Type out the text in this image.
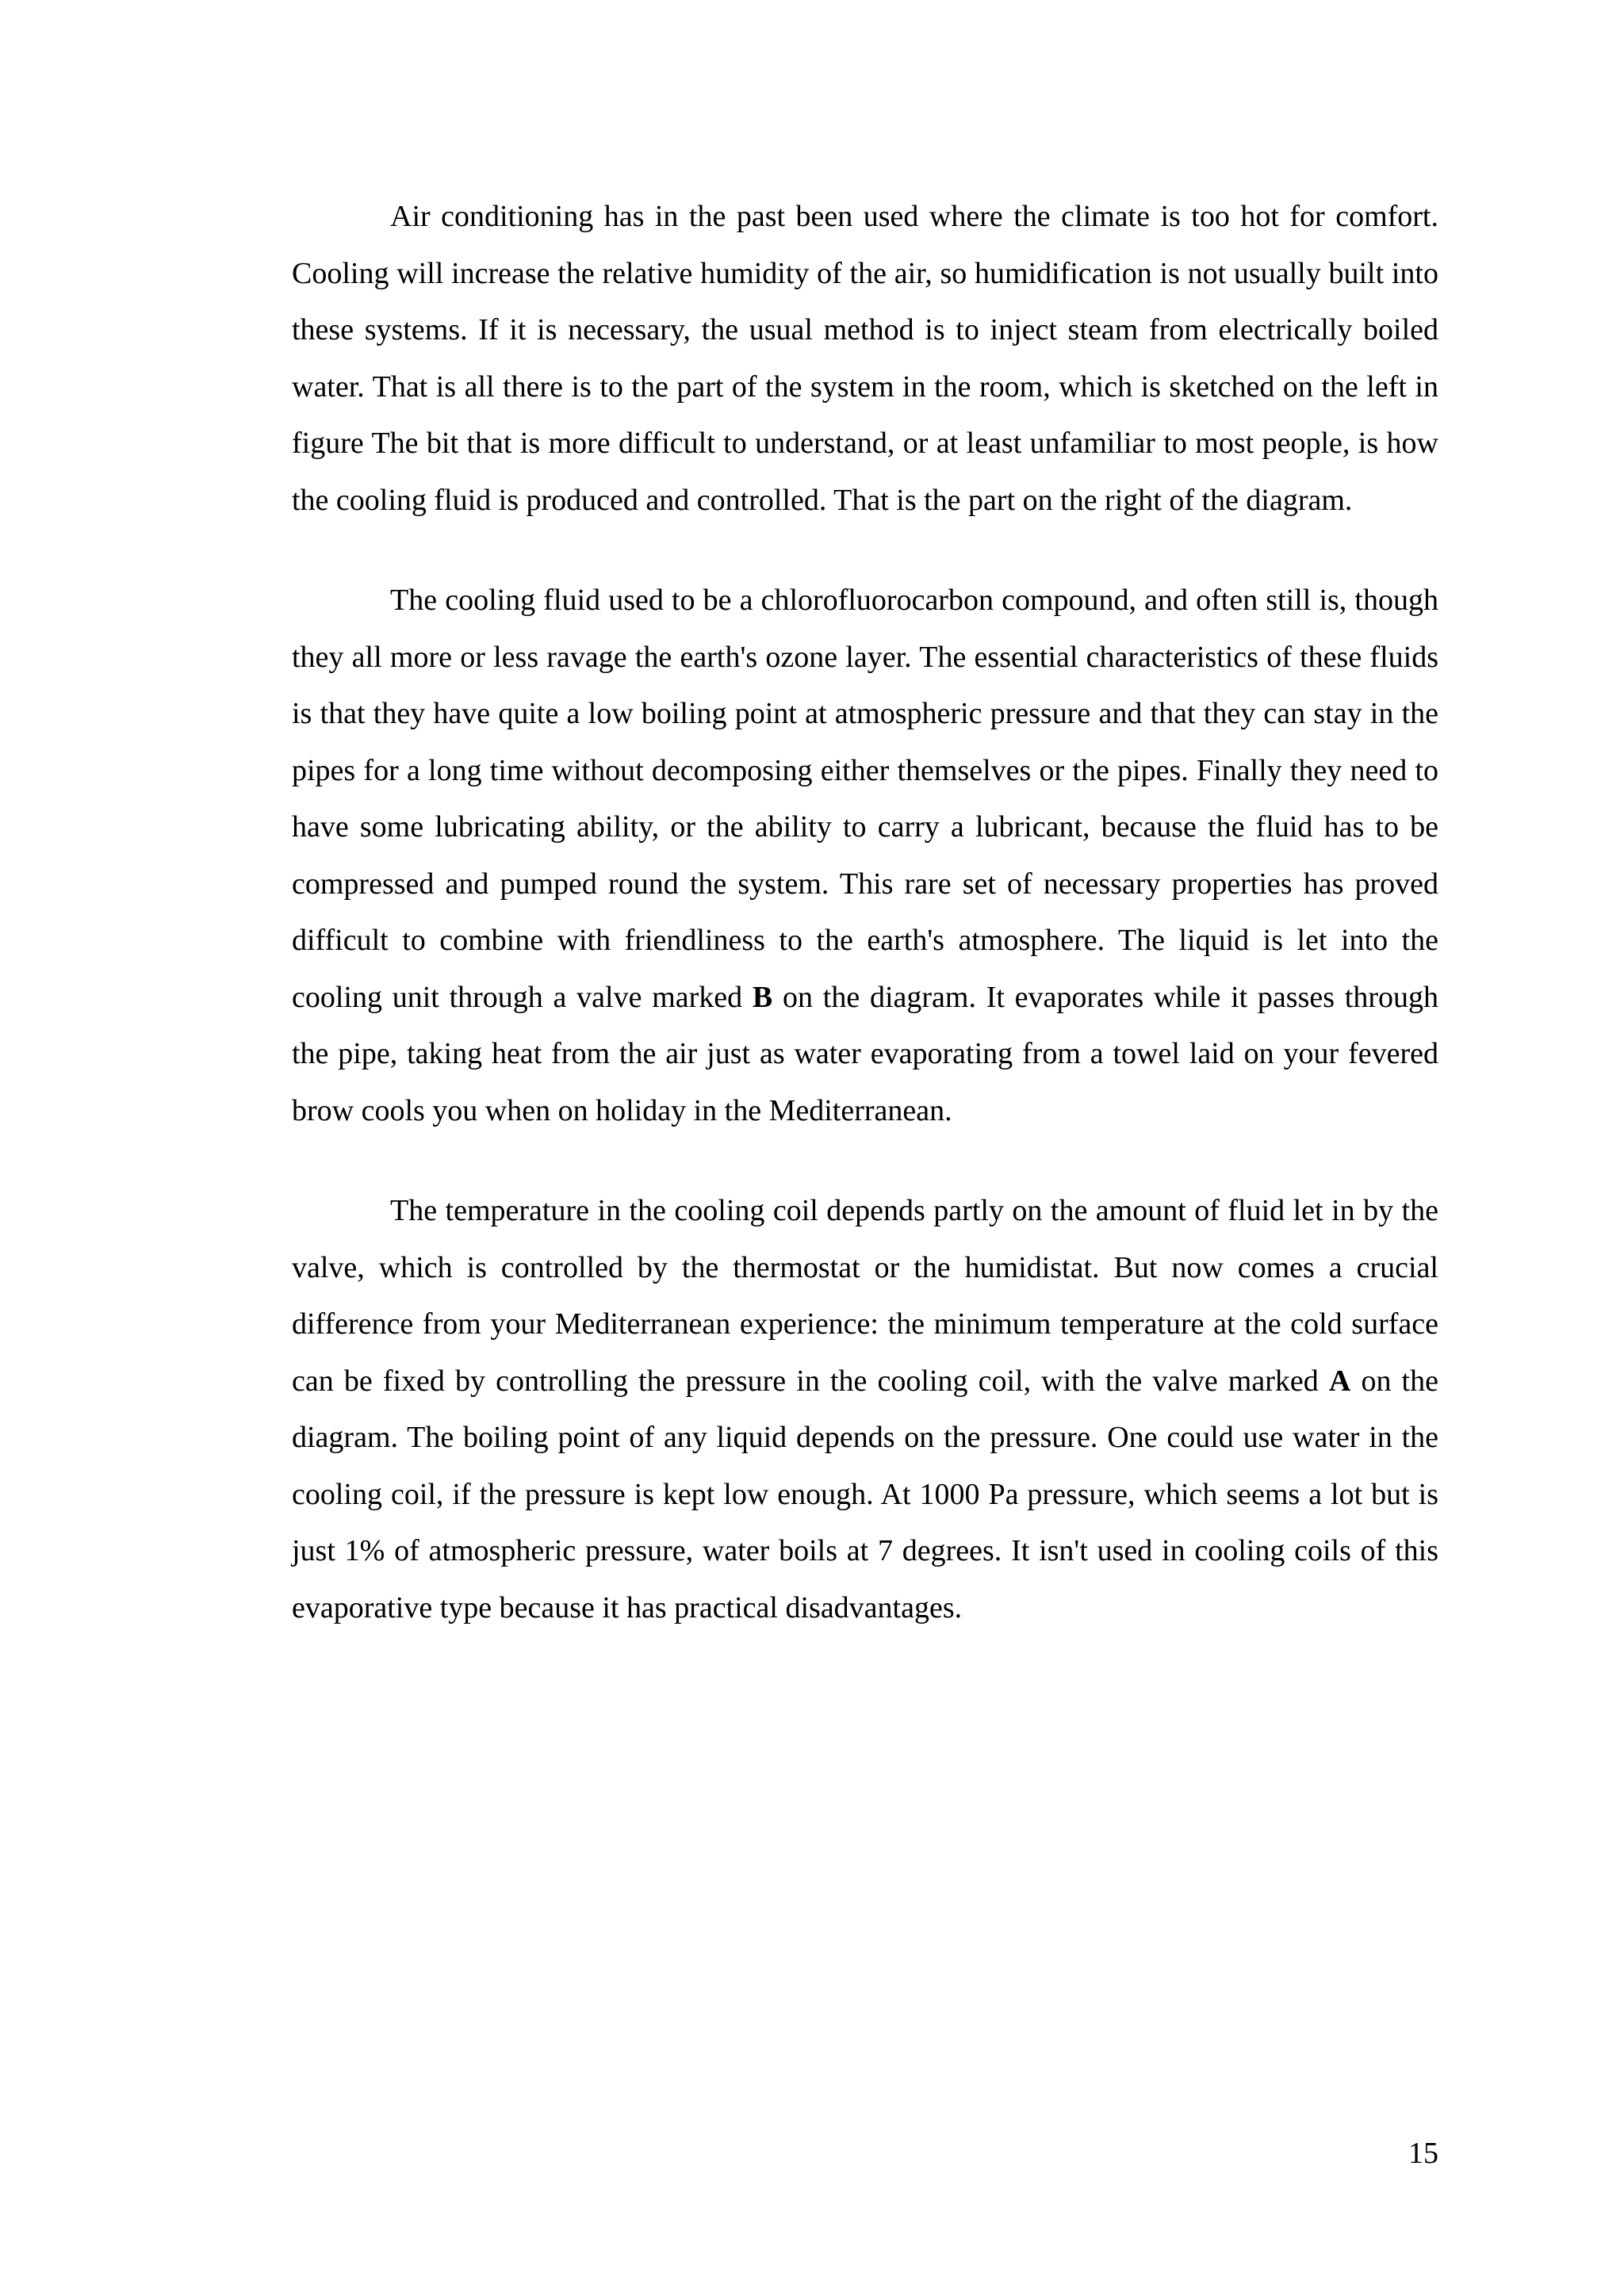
Air conditioning has in the past been used where the climate is too hot for comfort. Cooling will increase the relative humidity of the air, so humidification is not usually built into these systems. If it is necessary, the usual method is to inject steam from electrically boiled water. That is all there is to the part of the system in the room, which is sketched on the left in figure The bit that is more difficult to understand, or at least unfamiliar to most people, is how the cooling fluid is produced and controlled. That is the part on the right of the diagram.

The cooling fluid used to be a chlorofluorocarbon compound, and often still is, though they all more or less ravage the earth's ozone layer. The essential characteristics of these fluids is that they have quite a low boiling point at atmospheric pressure and that they can stay in the pipes for a long time without decomposing either themselves or the pipes. Finally they need to have some lubricating ability, or the ability to carry a lubricant, because the fluid has to be compressed and pumped round the system. This rare set of necessary properties has proved difficult to combine with friendliness to the earth's atmosphere. The liquid is let into the cooling unit through a valve marked B on the diagram. It evaporates while it passes through the pipe, taking heat from the air just as water evaporating from a towel laid on your fevered brow cools you when on holiday in the Mediterranean.

The temperature in the cooling coil depends partly on the amount of fluid let in by the valve, which is controlled by the thermostat or the humidistat. But now comes a crucial difference from your Mediterranean experience: the minimum temperature at the cold surface can be fixed by controlling the pressure in the cooling coil, with the valve marked A on the diagram. The boiling point of any liquid depends on the pressure. One could use water in the cooling coil, if the pressure is kept low enough. At 1000 Pa pressure, which seems a lot but is just 1% of atmospheric pressure, water boils at 7 degrees. It isn't used in cooling coils of this evaporative type because it has practical disadvantages.

15
